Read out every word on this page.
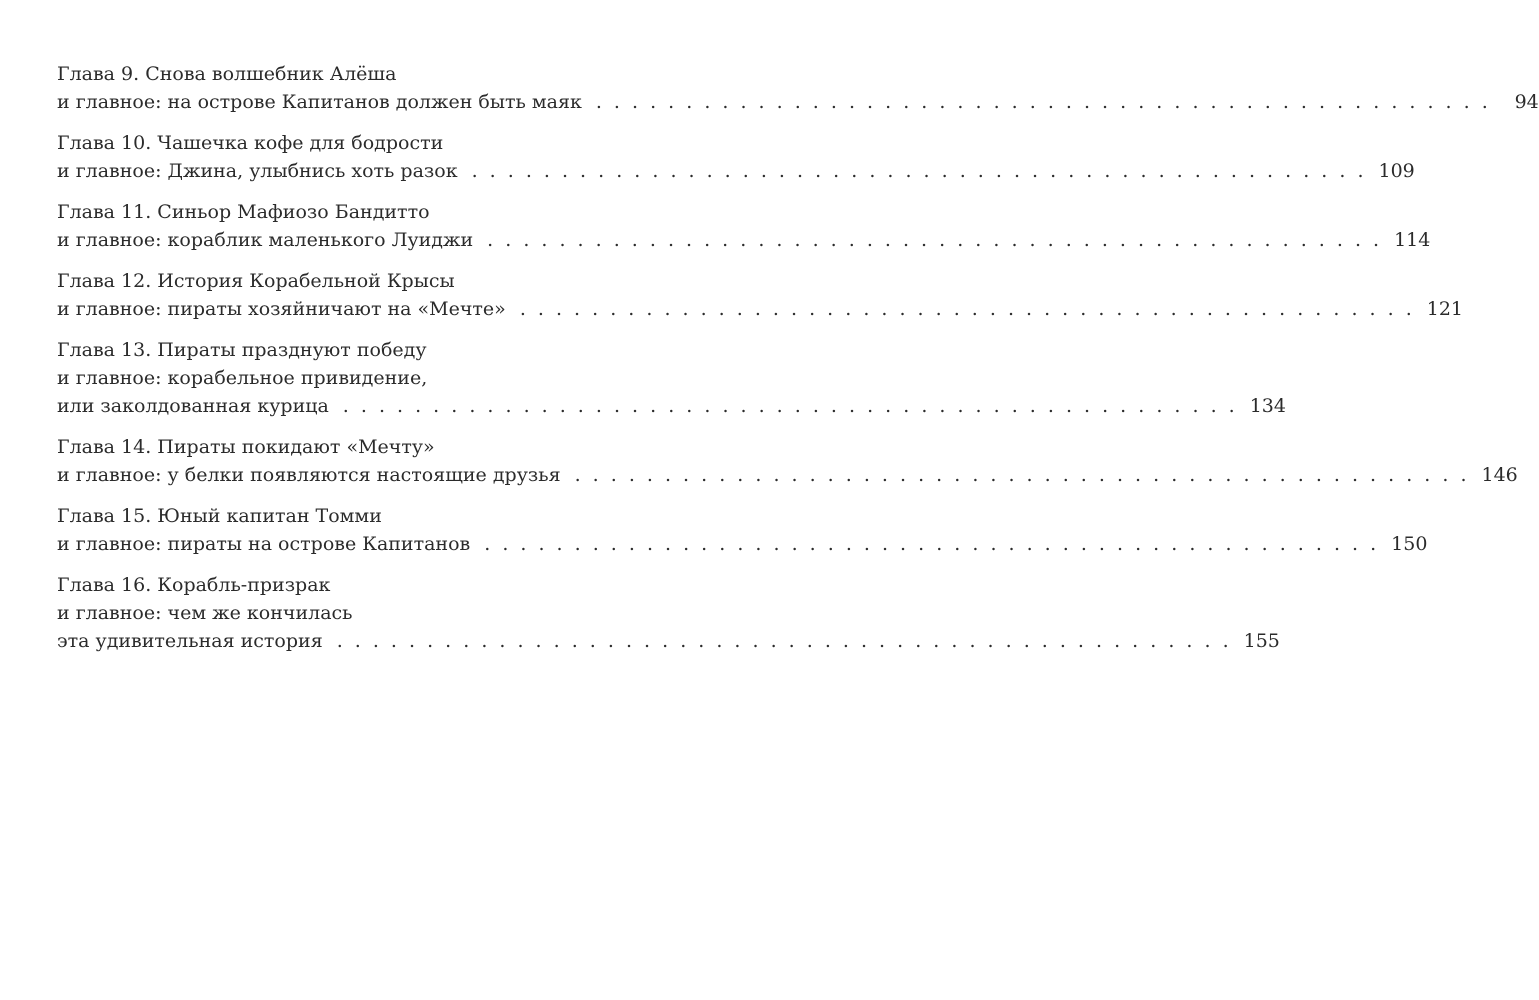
Глава 9. Снова волшебник Алёша
и главное: на острове Капитанов должен быть маяк . . . . . . . . . . . . . . . . . . . . . . . . . . . . . . . . . . . . . . . . . . . . . . . . . .	94
Глава 10. Чашечка кофе для бодрости
и главное: Джина, улыбнись хоть разок . . . . . . . . . . . . . . . . . . . . . . . . . . . . . . . . . . . . . . . . . . . . . . . . . . 109
Глава 11. Синьор Мафиозо Бандитто
и главное: кораблик маленького Луиджи . . . . . . . . . . . . . . . . . . . . . . . . . . . . . . . . . . . . . . . . . . . . . . . . . . 114
Глава 12. История Корабельной Крысы
и главное: пираты хозяйничают на «Мечте» . . . . . . . . . . . . . . . . . . . . . . . . . . . . . . . . . . . . . . . . . . . . . . . . . . 121
Глава 13. Пираты празднуют победу
и главное: корабельное привидение,
или заколдованная курица . . . . . . . . . . . . . . . . . . . . . . . . . . . . . . . . . . . . . . . . . . . . . . . . . . 134
Глава 14. Пираты покидают «Мечту»
и главное: у белки появляются настоящие друзья . . . . . . . . . . . . . . . . . . . . . . . . . . . . . . . . . . . . . . . . . . . . . . . . . . 146
Глава 15. Юный капитан Томми
и главное: пираты на острове Капитанов . . . . . . . . . . . . . . . . . . . . . . . . . . . . . . . . . . . . . . . . . . . . . . . . . . 150
Глава 16. Корабль-призрак
и главное: чем же кончилась
эта удивительная история . . . . . . . . . . . . . . . . . . . . . . . . . . . . . . . . . . . . . . . . . . . . . . . . . . 155
